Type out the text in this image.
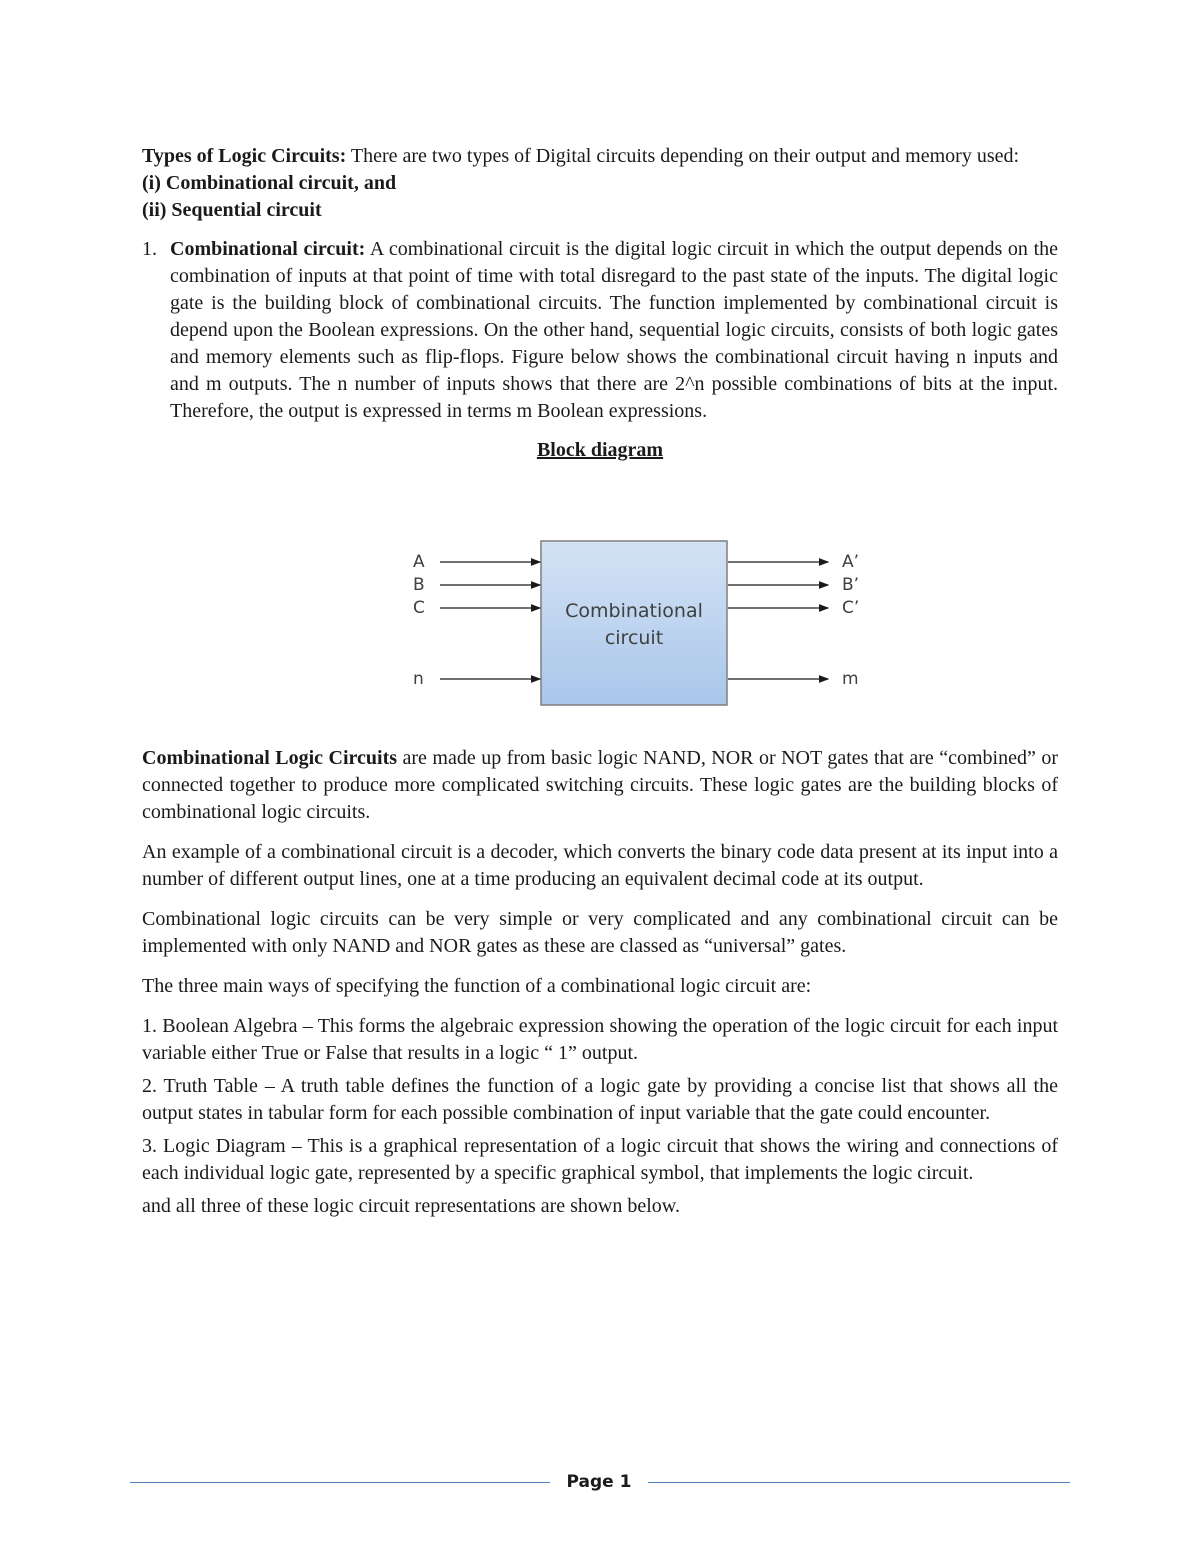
Types of Logic Circuits: There are two types of Digital circuits depending on their output and memory used:

(i) Combinational circuit, and

(ii) Sequential circuit

1. Combinational circuit: A combinational circuit is the digital logic circuit in which the output depends on the combination of inputs at that point of time with total disregard to the past state of the inputs. The digital logic gate is the building block of combinational circuits. The function implemented by combinational circuit is depend upon the Boolean expressions. On the other hand, sequential logic circuits, consists of both logic gates and memory elements such as flip-flops. Figure below shows the combinational circuit having n inputs and and m outputs. The n number of inputs shows that there are 2^n possible combinations of bits at the input. Therefore, the output is expressed in terms m Boolean expressions.

Block diagram

Combinational
circuit
A
B
C
n
A’
B’
C’
m

Combinational Logic Circuits are made up from basic logic NAND, NOR or NOT gates that are “combined” or connected together to produce more complicated switching circuits. These logic gates are the building blocks of combinational logic circuits.

An example of a combinational circuit is a decoder, which converts the binary code data present at its input into a number of different output lines, one at a time producing an equivalent decimal code at its output.

Combinational logic circuits can be very simple or very complicated and any combinational circuit can be implemented with only NAND and NOR gates as these are classed as “universal” gates.

The three main ways of specifying the function of a combinational logic circuit are:

1. Boolean Algebra – This forms the algebraic expression showing the operation of the logic circuit for each input variable either True or False that results in a logic “ 1” output.

2. Truth Table – A truth table defines the function of a logic gate by providing a concise list that shows all the output states in tabular form for each possible combination of input variable that the gate could encounter.

3. Logic Diagram – This is a graphical representation of a logic circuit that shows the wiring and connections of each individual logic gate, represented by a specific graphical symbol, that implements the logic circuit.

and all three of these logic circuit representations are shown below.

Page 1
